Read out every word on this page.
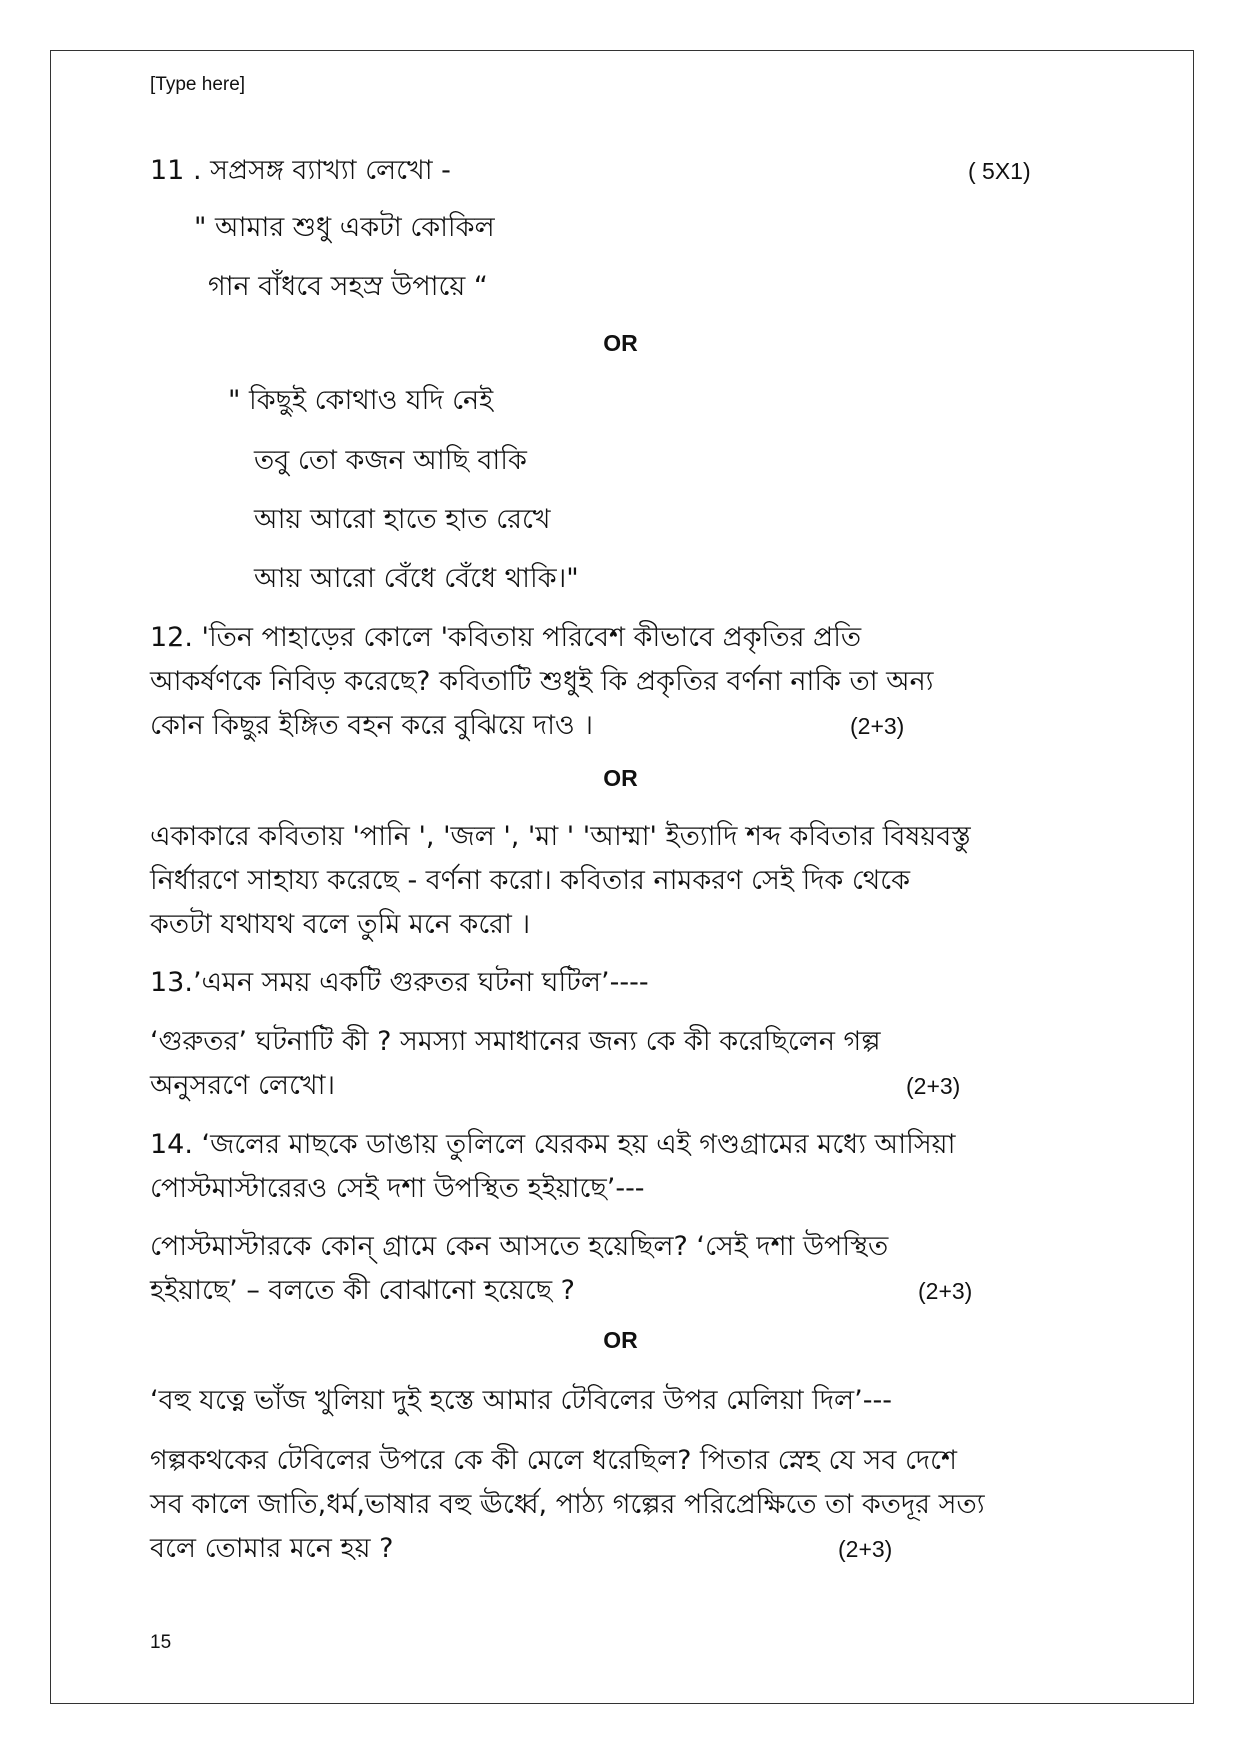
[Type here]
11 . সপ্রসঙ্গ ব্যাখ্যা লেখো -	( 5X1)
" আমার শুধু একটা কোকিল
গান বাঁধবে সহস্র উপায়ে “
OR
" কিছুই কোথাও যদি নেই
তবু তো কজন আছি বাকি
আয় আরো হাতে হাত রেখে
আয় আরো বেঁধে বেঁধে থাকি।"
12. 'তিন পাহাড়ের কোলে 'কবিতায় পরিবেশ কীভাবে প্রকৃতির প্রতি
আকর্ষণকে নিবিড় করেছে? কবিতাটি শুধুই কি প্রকৃতির বর্ণনা নাকি তা অন্য
কোন কিছুর ইঙ্গিত বহন করে বুঝিয়ে দাও ।	(2+3)
OR
একাকারে কবিতায় 'পানি ', 'জল ', 'মা ' 'আম্মা' ইত্যাদি শব্দ কবিতার বিষয়বস্তু
নির্ধারণে সাহায্য করেছে - বর্ণনা করো। কবিতার নামকরণ সেই দিক থেকে
কতটা যথাযথ বলে তুমি মনে করো ।
13.’এমন সময় একটি গুরুতর ঘটনা ঘটিল’----
‘গুরুতর’ ঘটনাটি কী ? সমস্যা সমাধানের জন্য কে কী করেছিলেন গল্প
অনুসরণে লেখো।	(2+3)
14. ‘জলের মাছকে ডাঙায় তুলিলে যেরকম হয় এই গণ্ডগ্রামের মধ্যে আসিয়া
পোস্টমাস্টারেরও সেই দশা উপস্থিত হইয়াছে’---
পোস্টমাস্টারকে কোন্ গ্রামে কেন আসতে হয়েছিল? ‘সেই দশা উপস্থিত
হইয়াছে’ – বলতে কী বোঝানো হয়েছে ?	(2+3)
OR
‘বহু যত্নে ভাঁজ খুলিয়া দুই হস্তে আমার টেবিলের উপর মেলিয়া দিল’---
গল্পকথকের টেবিলের উপরে কে কী মেলে ধরেছিল? পিতার স্নেহ যে সব দেশে
সব কালে জাতি,ধর্ম,ভাষার বহু ঊর্ধ্বে, পাঠ্য গল্পের পরিপ্রেক্ষিতে তা কতদূর সত্য
বলে তোমার মনে হয় ?	(2+3)
15
